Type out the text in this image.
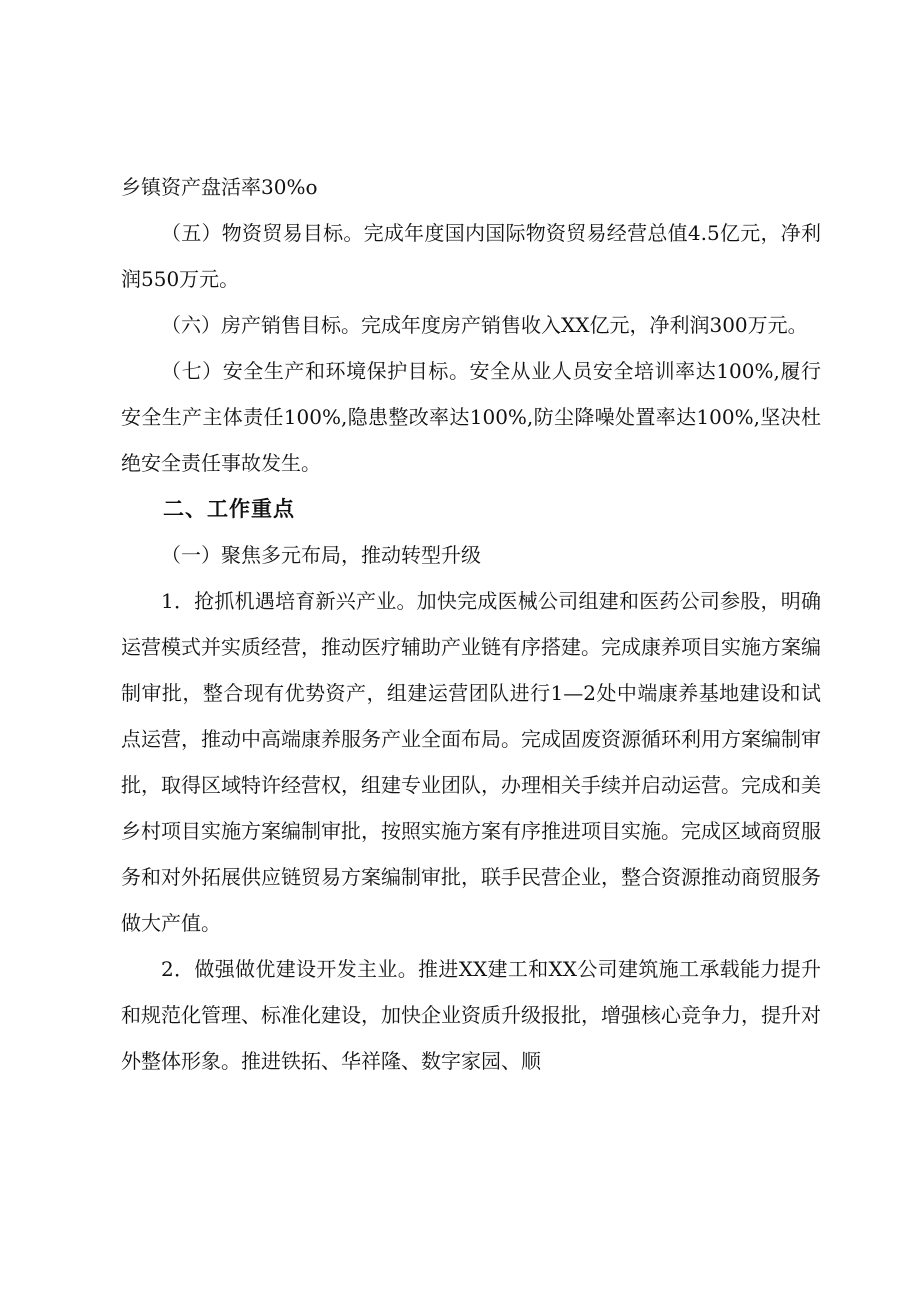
乡镇资产盘活率30%o

（五）物资贸易目标。完成年度国内国际物资贸易经营总值4.5亿元，净利润550万元。

（六）房产销售目标。完成年度房产销售收入XX亿元，净利润300万元。

（七）安全生产和环境保护目标。安全从业人员安全培训率达100%,履行安全生产主体责任100%,隐患整改率达100%,防尘降噪处置率达100%,坚决杜绝安全责任事故发生。

二、工作重点

（一）聚焦多元布局，推动转型升级

1．抢抓机遇培育新兴产业。加快完成医械公司组建和医药公司参股，明确运营模式并实质经营，推动医疗辅助产业链有序搭建。完成康养项目实施方案编制审批，整合现有优势资产，组建运营团队进行1—2处中端康养基地建设和试点运营，推动中高端康养服务产业全面布局。完成固废资源循环利用方案编制审批，取得区域特许经营权，组建专业团队，办理相关手续并启动运营。完成和美乡村项目实施方案编制审批，按照实施方案有序推进项目实施。完成区域商贸服务和对外拓展供应链贸易方案编制审批，联手民营企业，整合资源推动商贸服务做大产值。

2．做强做优建设开发主业。推进XX建工和XX公司建筑施工承载能力提升和规范化管理、标准化建设，加快企业资质升级报批，增强核心竞争力，提升对外整体形象。推进铁拓、华祥隆、数字家园、顺
